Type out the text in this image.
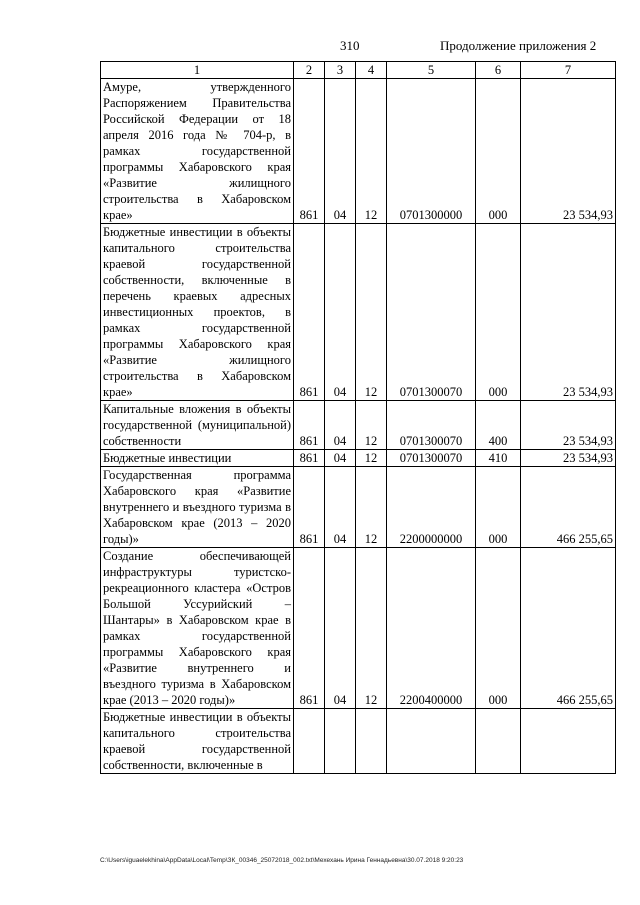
310	Продолжение приложения 2
1	2	3	4	5	6	7
Амуре, утвержденного Распоряжением Правительства Российской Федерации от 18 апреля 2016 года № 704-р, в рамках государственной программы Хабаровского края «Развитие жилищного строительства в Хабаровском крае»	861	04	12	0701300000	000	23 534,93
Бюджетные инвестиции в объекты капитального строительства краевой государственной собственности, включенные в перечень краевых адресных инвестиционных проектов, в рамках государственной программы Хабаровского края «Развитие жилищного строительства в Хабаровском крае»	861	04	12	0701300070	000	23 534,93
Капитальные вложения в объекты государственной (муниципальной) собственности	861	04	12	0701300070	400	23 534,93
Бюджетные инвестиции	861	04	12	0701300070	410	23 534,93
Государственная программа Хабаровского края «Развитие внутреннего и въездного туризма в Хабаровском крае (2013 – 2020 годы)»	861	04	12	2200000000	000	466 255,65
Создание обеспечивающей инфраструктуры туристско-рекреационного кластера «Остров Большой Уссурийский – Шантары» в Хабаровском крае в рамках государственной программы Хабаровского края «Развитие внутреннего и въездного туризма в Хабаровском крае (2013 – 2020 годы)»	861	04	12	2200400000	000	466 255,65
Бюджетные инвестиции в объекты капитального строительства краевой государственной собственности, включенные в						
C:\Users\iguaelekhina\AppData\Local\Temp\ЗК_00346_25072018_002.txt\Мехехань Ирина Геннадьевна\30.07.2018 9:20:23
